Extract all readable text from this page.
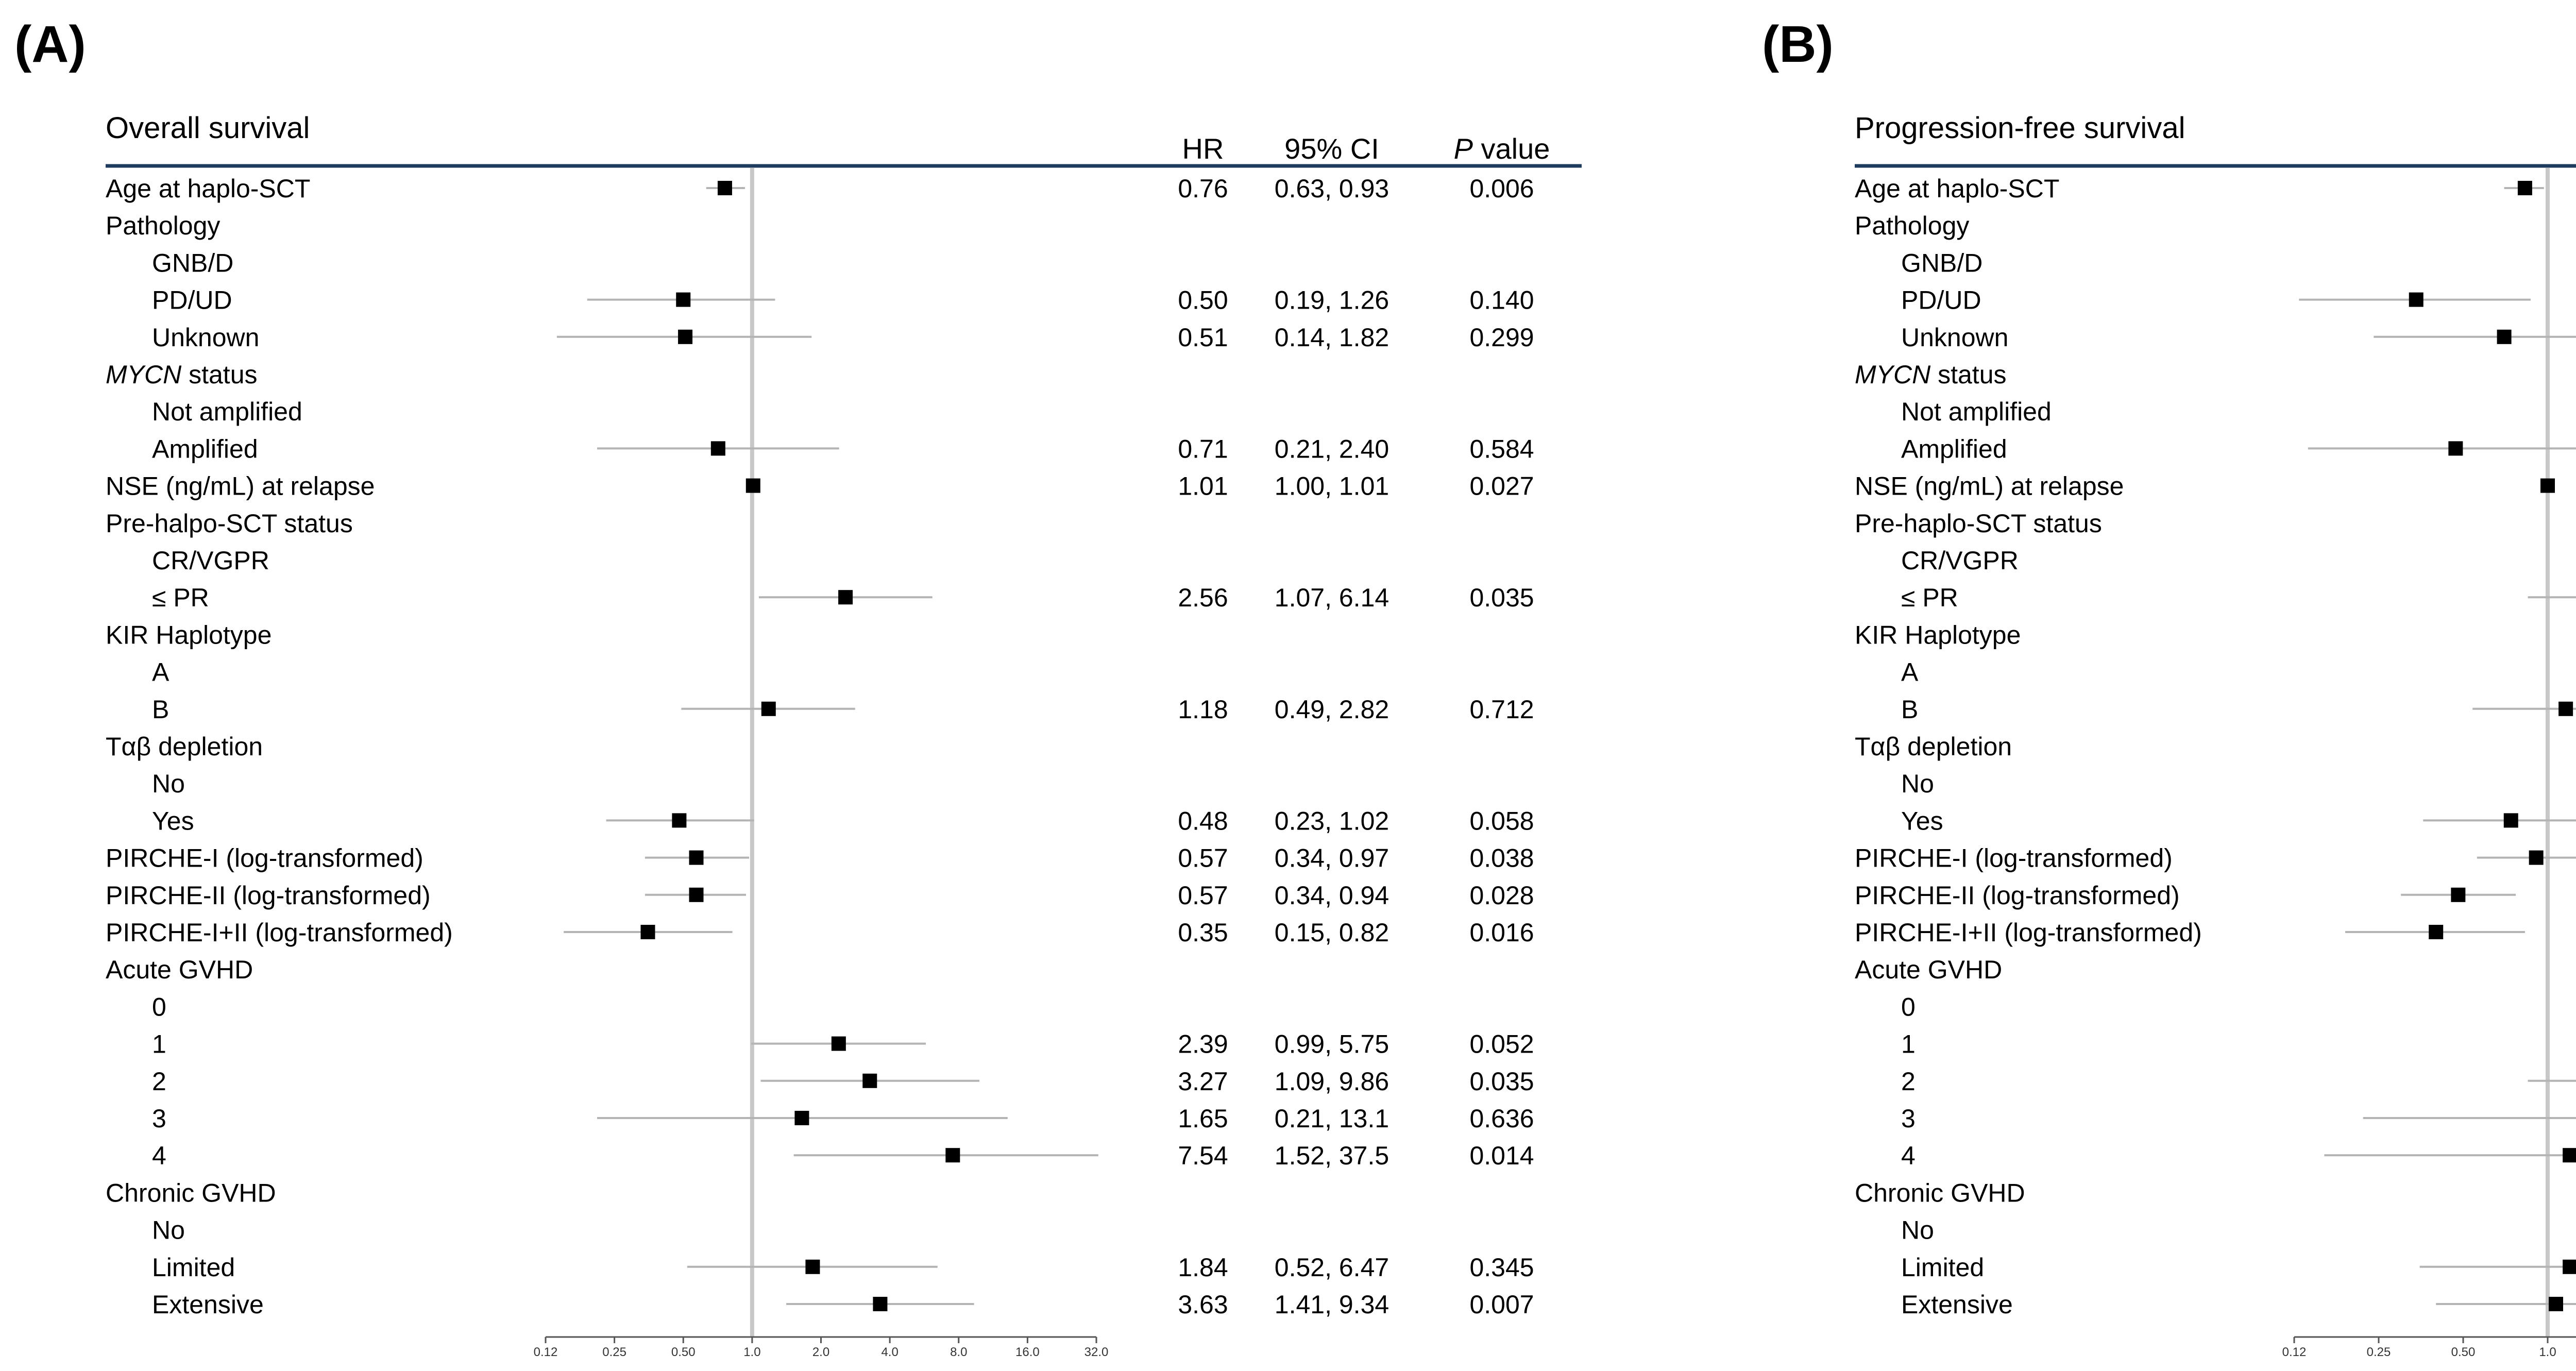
(A)
Overall survival
HR 95% CI	P value
0.12	0.25	0.50	1.0	2.0	4.0	8.0	16.0	32.0
Age at haplo-SCT	0.76 0.63, 0.93	0.006
Pathology
GNB/D
PD/UD	0.50 0.19, 1.26	0.140
Unknown	0.51 0.14, 1.82	0.299
MYCN status
Not amplified
Amplified	0.71 0.21, 2.40	0.584
NSE (ng/mL) at relapse	1.01 1.00, 1.01	0.027
Pre-halpo-SCT status
CR/VGPR
≤ PR	2.56 1.07, 6.14	0.035
KIR Haplotype
A
B	1.18 0.49, 2.82	0.712
Tαβ depletion
No
Yes	0.48 0.23, 1.02	0.058
PIRCHE-I (log-transformed)	0.57 0.34, 0.97	0.038
PIRCHE-II (log-transformed)	0.57 0.34, 0.94	0.028
PIRCHE-I+II (log-transformed)	0.35 0.15, 0.82	0.016
Acute GVHD
0
1	2.39 0.99, 5.75	0.052
2	3.27 1.09, 9.86	0.035
3	1.65 0.21, 13.1	0.636
4	7.54 1.52, 37.5	0.014
Chronic GVHD
No
Limited	1.84 0.52, 6.47	0.345
Extensive	3.63 1.41, 9.34	0.007
(B)
Progression-free survival
0.12	0.25	0.50	1.0
Age at haplo-SCT
Pathology
GNB/D
PD/UD
Unknown
MYCN status
Not amplified
Amplified
NSE (ng/mL) at relapse
Pre-haplo-SCT status
CR/VGPR
≤ PR
KIR Haplotype
A
B
Tαβ depletion
No
Yes
PIRCHE-I (log-transformed)
PIRCHE-II (log-transformed)
PIRCHE-I+II (log-transformed)
Acute GVHD
0
1
2
3
4
Chronic GVHD
No
Limited
Extensive
